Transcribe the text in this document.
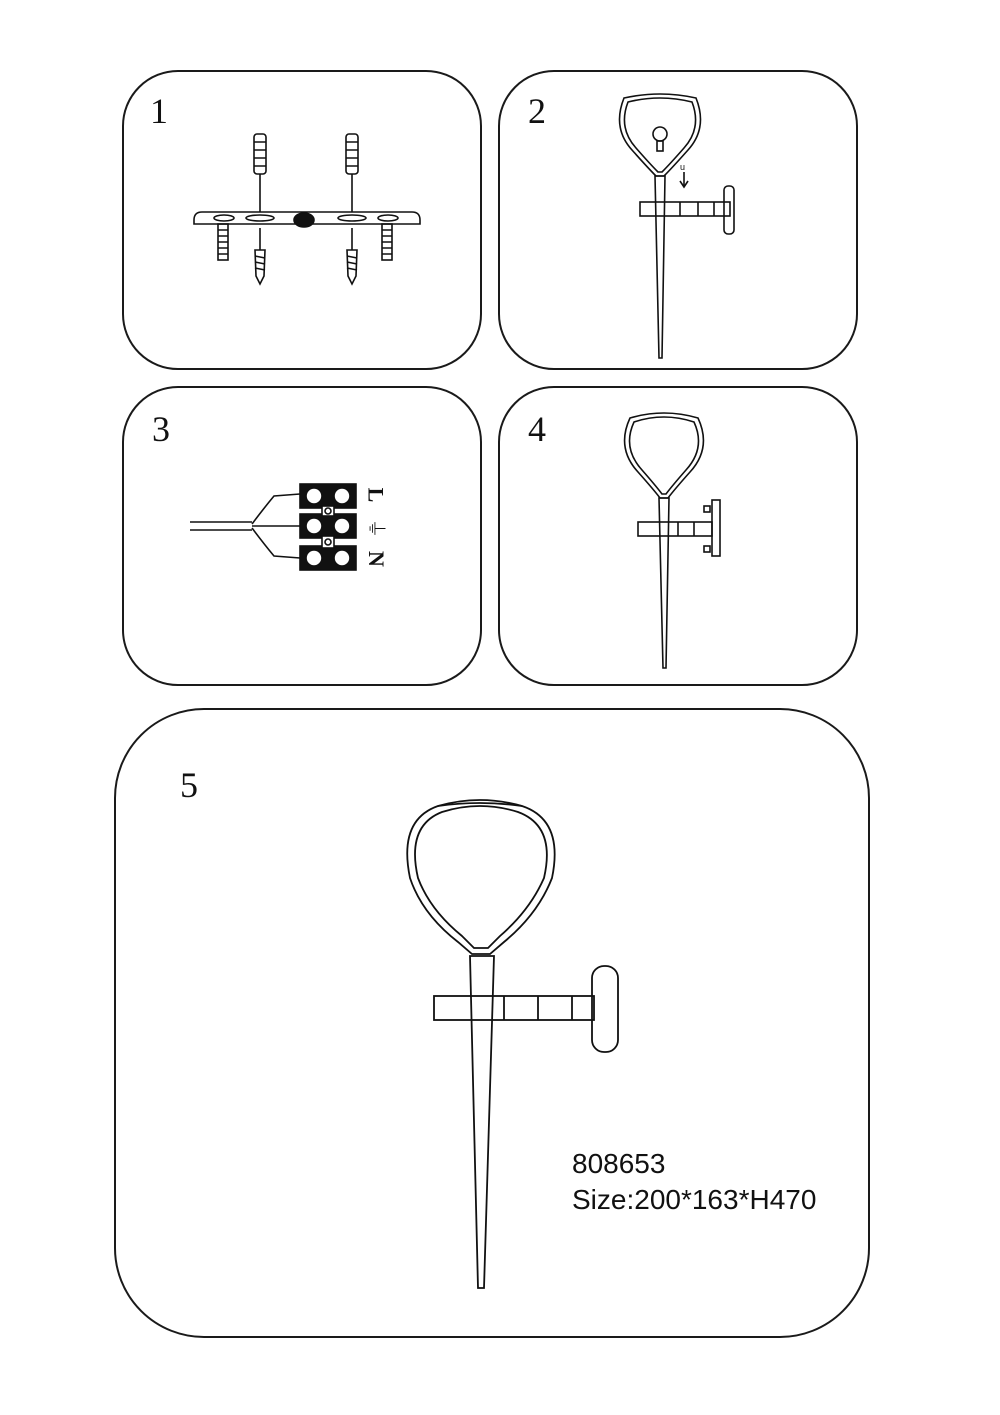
1	2
u
3
L
⏚
N
4
5
808653
Size:200*163*H470
